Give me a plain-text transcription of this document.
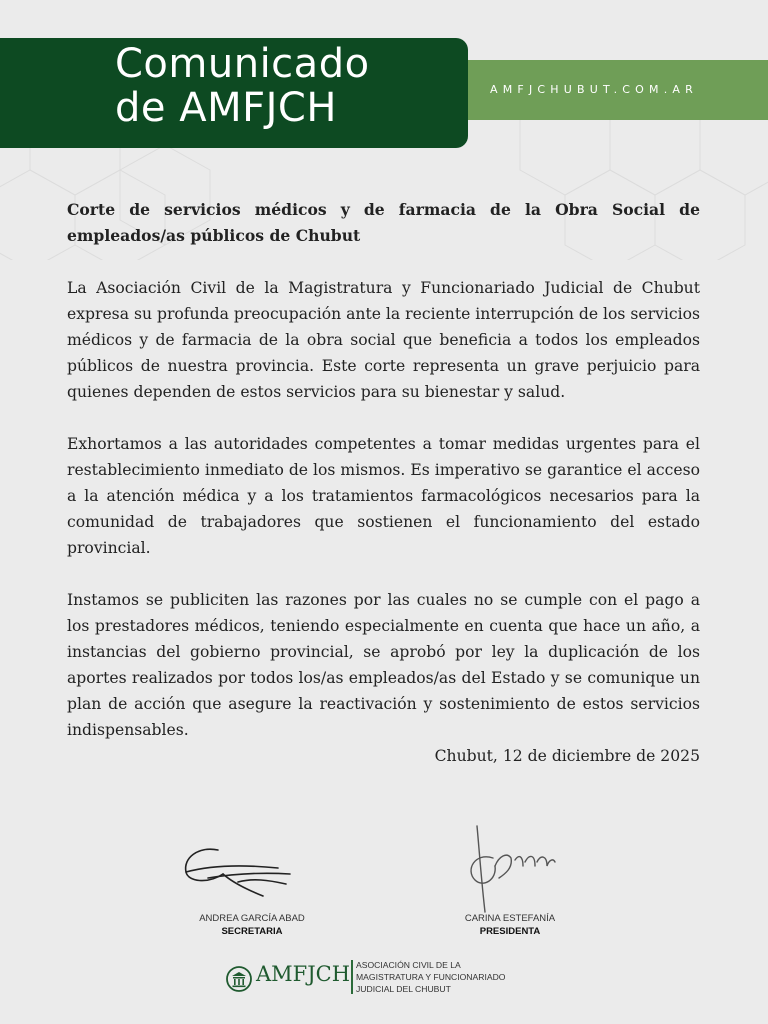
Comunicado
de AMFJCH	AMFJCHUBUT.COM.AR

Corte de servicios médicos y de farmacia de la Obra Social de empleados/as públicos de Chubut

La Asociación Civil de la Magistratura y Funcionariado Judicial de Chubut expresa su profunda preocupación ante la reciente interrupción de los servicios médicos y de farmacia de la obra social que beneficia a todos los empleados públicos de nuestra provincia. Este corte representa un grave perjuicio para quienes dependen de estos servicios para su bienestar y salud.

Exhortamos a las autoridades competentes a tomar medidas urgentes para el restablecimiento inmediato de los mismos. Es imperativo se garantice el acceso a la atención médica y a los tratamientos farmacológicos necesarios para la comunidad de trabajadores que sostienen el funcionamiento del estado provincial.

Instamos se publiciten las razones por las cuales no se cumple con el pago a los prestadores médicos, teniendo especialmente en cuenta que hace un año, a instancias del gobierno provincial, se aprobó por ley la duplicación de los aportes realizados por todos los/as empleados/as del Estado y se comunique un plan de acción que asegure la reactivación y sostenimiento de estos servicios indispensables.

Chubut, 12 de diciembre de 2025
ANDREA GARCÍA ABAD
SECRETARIA
CARINA ESTEFANÍA
PRESIDENTA
AMFJCH ASOCIACIÓN CIVIL DE LA
MAGISTRATURA Y FUNCIONARIADO
JUDICIAL DEL CHUBUT
